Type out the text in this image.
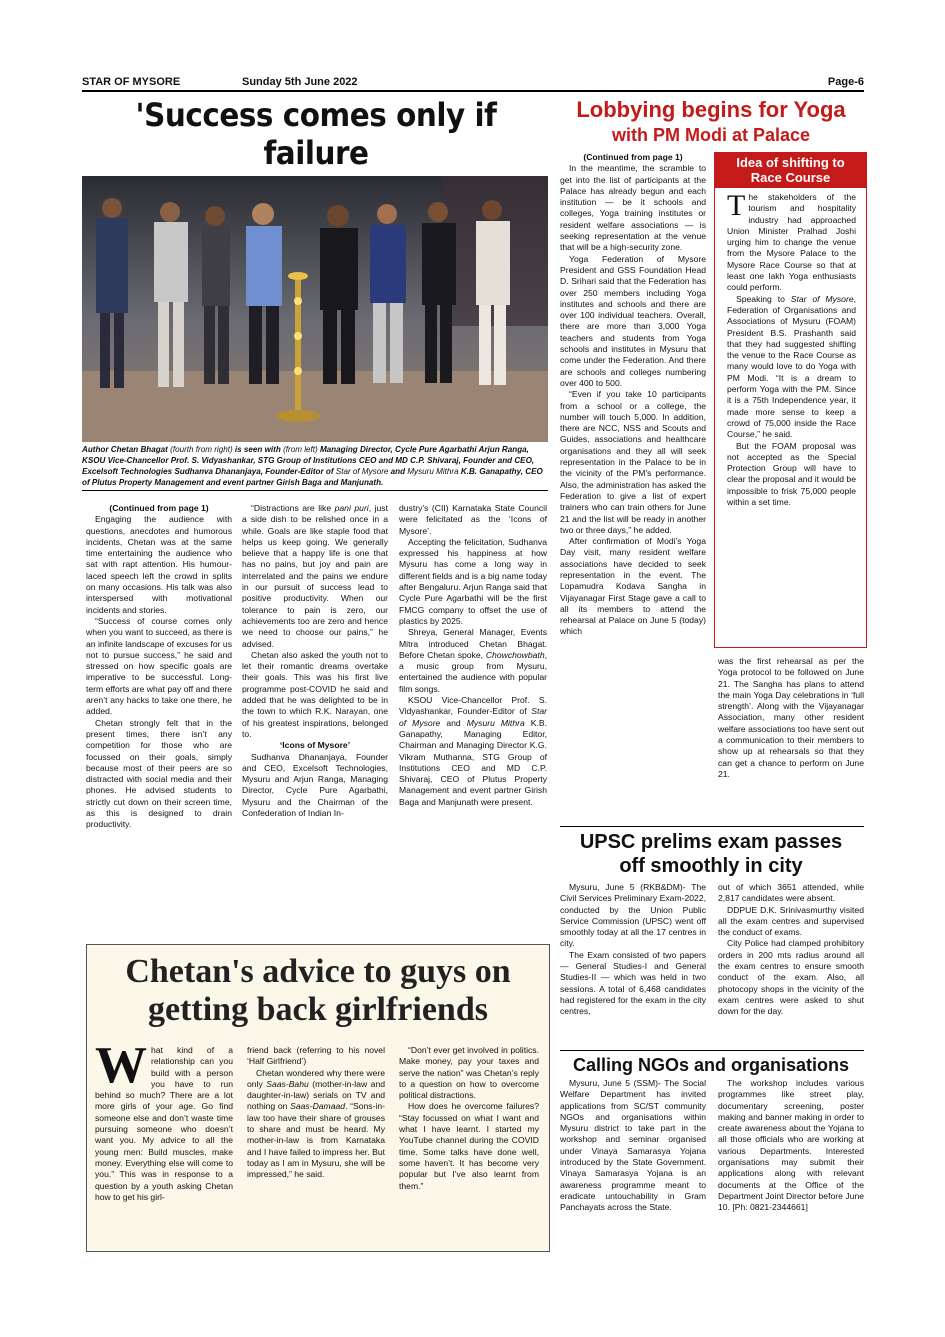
STAR OF MYSORE	Sunday 5th June 2022	Page-6
'Success comes only if failure
Author Chetan Bhagat (fourth from right) is seen with (from left) Managing Director, Cycle Pure Agarbathi Arjun Ranga, KSOU Vice-Chancellor Prof. S. Vidyashankar, STG Group of Institutions CEO and MD C.P. Shivaraj, Founder and CEO, Excelsoft Technologies Sudhanva Dhananjaya, Founder-Editor of Star of Mysore and Mysuru Mithra K.B. Ganapathy, CEO of Plutus Property Management and event partner Girish Baga and Manjunath.

(Continued from page 1)

Engaging the audience with questions, anecdotes and humorous incidents, Chetan was at the same time entertaining the audience who sat with rapt attention. His humour-laced speech left the crowd in splits on many occasions. His talk was also interspersed with motivational incidents and stories.

“Success of course comes only when you want to succeed, as there is an infinite landscape of excuses for us not to pursue success,” he said and stressed on how specific goals are imperative to be successful. Long-term efforts are what pay off and there aren’t any hacks to take one there, he added.

Chetan strongly felt that in the present times, there isn’t any competition for those who are focussed on their goals, simply because most of their peers are so distracted with social media and their phones. He advised students to strictly cut down on their screen time, as this is designed to drain productivity.

“Distractions are like pani puri, just a side dish to be relished once in a while. Goals are like staple food that helps us keep going. We generally believe that a happy life is one that has no pains, but joy and pain are interrelated and the pains we endure in our pursuit of success lead to positive productivity. When our tolerance to pain is zero, our achievements too are zero and hence we need to choose our pains,” he advised.

Chetan also asked the youth not to let their romantic dreams overtake their goals. This was his first live programme post-COVID he said and added that he was delighted to be in the town to which R.K. Narayan, one of his greatest inspirations, belonged to.

‘Icons of Mysore’

Sudhanva Dhananjaya, Founder and CEO, Excelsoft Technologies, Mysuru and Arjun Ranga, Managing Director, Cycle Pure Agarbathi, Mysuru and the Chairman of the Confederation of Indian In-

dustry’s (CII) Karnataka State Council were felicitated as the ‘Icons of Mysore’.

Accepting the felicitation, Sudhanva expressed his happiness at how Mysuru has come a long way in different fields and is a big name today after Bengaluru. Arjun Ranga said that Cycle Pure Agarbathi will be the first FMCG company to offset the use of plastics by 2025.

Shreya, General Manager, Events Mitra introduced Chetan Bhagat. Before Chetan spoke, Chowchowbath, a music group from Mysuru, entertained the audience with popular film songs.

KSOU Vice-Chancellor Prof. S. Vidyashankar, Founder-Editor of Star of Mysore and Mysuru Mithra K.B. Ganapathy, Managing Editor, Chairman and Managing Director K.G. Vikram Muthanna, STG Group of Institutions CEO and MD C.P. Shivaraj, CEO of Plutus Property Management and event partner Girish Baga and Manjunath were present.

Lobbying begins for Yoga
with PM Modi at Palace

(Continued from page 1)

In the meantime, the scramble to get into the list of participants at the Palace has already begun and each institution — be it schools and colleges, Yoga training institutes or resident welfare associations — is seeking representation at the venue that will be a high-security zone.

Yoga Federation of Mysore President and GSS Foundation Head D. Srihari said that the Federation has over 250 members including Yoga institutes and schools and there are over 100 individual teachers. Overall, there are more than 3,000 Yoga teachers and students from Yoga schools and institutes in Mysuru that come under the Federation. And there are schools and colleges numbering over 400 to 500.

“Even if you take 10 participants from a school or a college, the number will touch 5,000. In addition, there are NCC, NSS and Scouts and Guides, associations and healthcare organisations and they all will seek representation in the Palace to be in the vicinity of the PM’s performance. Also, the administration has asked the Federation to give a list of expert trainers who can train others for June 21 and the list will be ready in another two or three days,” he added.

After confirmation of Modi’s Yoga Day visit, many resident welfare associations have decided to seek representation in the event. The Lopamudra Kodava Sangha in Vijayanagar First Stage gave a call to all its members to attend the rehearsal at Palace on June 5 (today) which

Idea of shifting to
Race Course

The stakeholders of the tourism and hospitality industry had approached Union Minister Pralhad Joshi urging him to change the venue from the Mysore Palace to the Mysore Race Course so that at least one lakh Yoga enthusiasts could perform.

Speaking to Star of Mysore, Federation of Organisations and Associations of Mysuru (FOAM) President B.S. Prashanth said that they had suggested shifting the venue to the Race Course as many would love to do Yoga with PM Modi. “It is a dream to perform Yoga with the PM. Since it is a 75th Independence year, it made more sense to keep a crowd of 75,000 inside the Race Course,” he said.

But the FOAM proposal was not accepted as the Special Protection Group will have to clear the proposal and it would be impossible to frisk 75,000 people within a set time.

was the first rehearsal as per the Yoga protocol to be followed on June 21. The Sangha has plans to attend the main Yoga Day celebrations in ‘full strength’. Along with the Vijayanagar Association, many other resident welfare associations too have sent out a communication to their members to show up at rehearsals so that they can get a chance to perform on June 21.

UPSC prelims exam passes
off smoothly in city

Mysuru, June 5 (RKB&DM)- The Civil Services Preliminary Exam-2022, conducted by the Union Public Service Commission (UPSC) went off smoothly today at all the 17 centres in city.

The Exam consisted of two papers — General Studies-I and General Studies-II — which was held in two sessions. A total of 6,468 candidates had registered for the exam in the city centres,

out of which 3651 attended, while 2,817 candidates were absent.

DDPUE D.K. Srinivasmurthy visited all the exam centres and supervised the conduct of exams.

City Police had clamped prohibitory orders in 200 mts radius around all the exam centres to ensure smooth conduct of the exam. Also, all photocopy shops in the vicinity of the exam centres were asked to shut down for the day.

Calling NGOs and organisations

Mysuru, June 5 (SSM)- The Social Welfare Department has invited applications from SC/ST community NGOs and organisations within Mysuru district to take part in the workshop and seminar organised under Vinaya Samarasya Yojana introduced by the State Government. Vinaya Samarasya Yojana is an awareness programme meant to eradicate untouchability in Gram Panchayats across the State.

The workshop includes various programmes like street play, documentary screening, poster making and banner making in order to create awareness about the Yojana to all those officials who are working at various Departments. Interested organisations may submit their applications along with relevant documents at the Office of the Department Joint Director before June 10. [Ph: 0821-2344661]

Chetan's advice to guys on
getting back girlfriends

What kind of a relationship can you build with a person you have to run behind so much? There are a lot more girls of your age. Go find someone else and don’t waste time pursuing someone who doesn’t want you. My advice to all the young men: Build muscles, make money. Everything else will come to you.” This was in response to a question by a youth asking Chetan how to get his girl-

friend back (referring to his novel ‘Half Girlfriend’)

Chetan wondered why there were only Saas-Bahu (mother-in-law and daughter-in-law) serials on TV and nothing on Saas-Damaad. “Sons-in-law too have their share of grouses to share and must be heard. My mother-in-law is from Karnataka and I have failed to impress her. But today as I am in Mysuru, she will be impressed,” he said.

“Don’t ever get involved in politics. Make money, pay your taxes and serve the nation” was Chetan’s reply to a question on how to overcome political distractions.

How does he overcome failures? “Stay focussed on what I want and what I have learnt. I started my YouTube channel during the COVID time. Some talks have done well, some haven’t. It has become very popular but I’ve also learnt from them.”
